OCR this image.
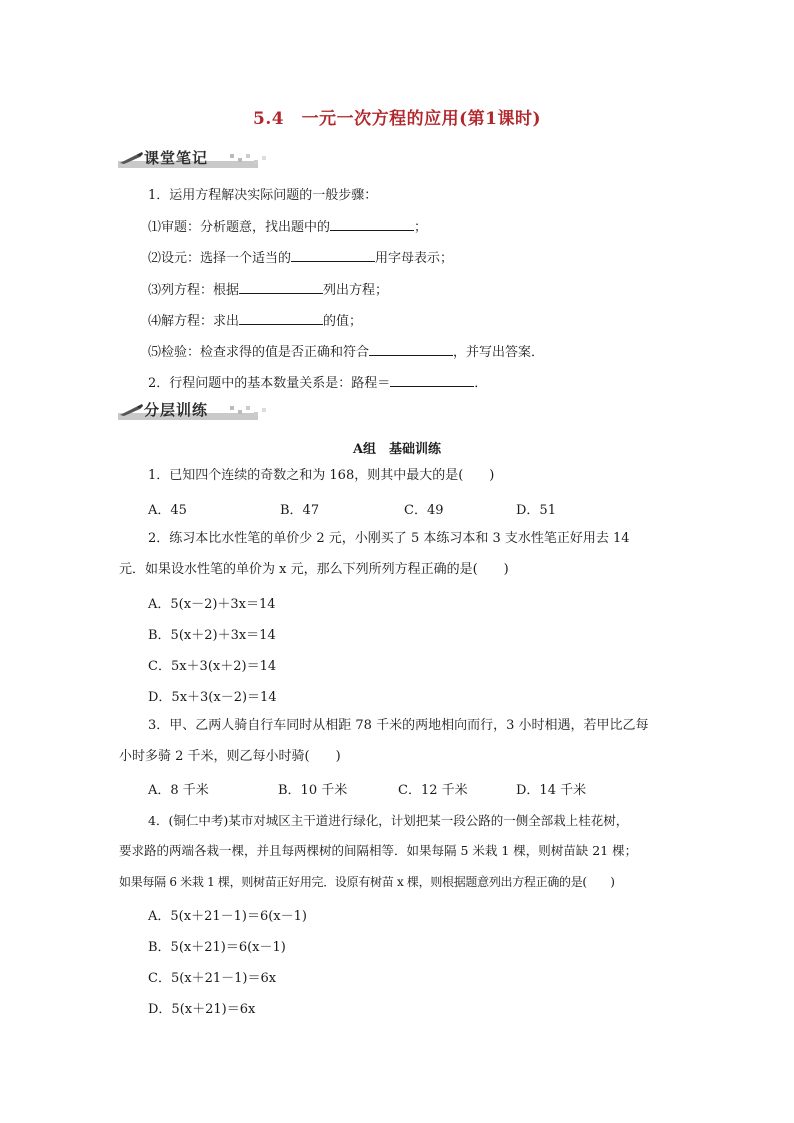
5.4　一元一次方程的应用(第1课时)
课堂笔记
1．运用方程解决实际问题的一般步骤：
⑴审题：分析题意，找出题中的	；
⑵设元：选择一个适当的	用字母表示；
⑶列方程：根据	列出方程；
⑷解方程：求出	的值；
⑸检验：检查求得的值是否正确和符合	，并写出答案．
2．行程问题中的基本数量关系是：路程＝	．
分层训练
A组　基础训练
1．已知四个连续的奇数之和为 168，则其中最大的是(　　)
A．45	B．47	C．49	D．51
2．练习本比水性笔的单价少 2 元，小刚买了 5 本练习本和 3 支水性笔正好用去 14
元．如果设水性笔的单价为 x 元，那么下列所列方程正确的是(　　)
A．5(x－2)＋3x＝14
B．5(x＋2)＋3x＝14
C．5x＋3(x＋2)＝14
D．5x＋3(x－2)＝14
3．甲、乙两人骑自行车同时从相距 78 千米的两地相向而行，3 小时相遇，若甲比乙每
小时多骑 2 千米，则乙每小时骑(　　)
A．8 千米	B．10 千米	C．12 千米	D．14 千米
4．(铜仁中考)某市对城区主干道进行绿化，计划把某一段公路的一侧全部栽上桂花树，
要求路的两端各栽一棵，并且每两棵树的间隔相等．如果每隔 5 米栽 1 棵，则树苗缺 21 棵；
如果每隔 6 米栽 1 棵，则树苗正好用完．设原有树苗 x 棵，则根据题意列出方程正确的是(　　)
A．5(x＋21－1)＝6(x－1)
B．5(x＋21)＝6(x－1)
C．5(x＋21－1)＝6x
D．5(x＋21)＝6x
